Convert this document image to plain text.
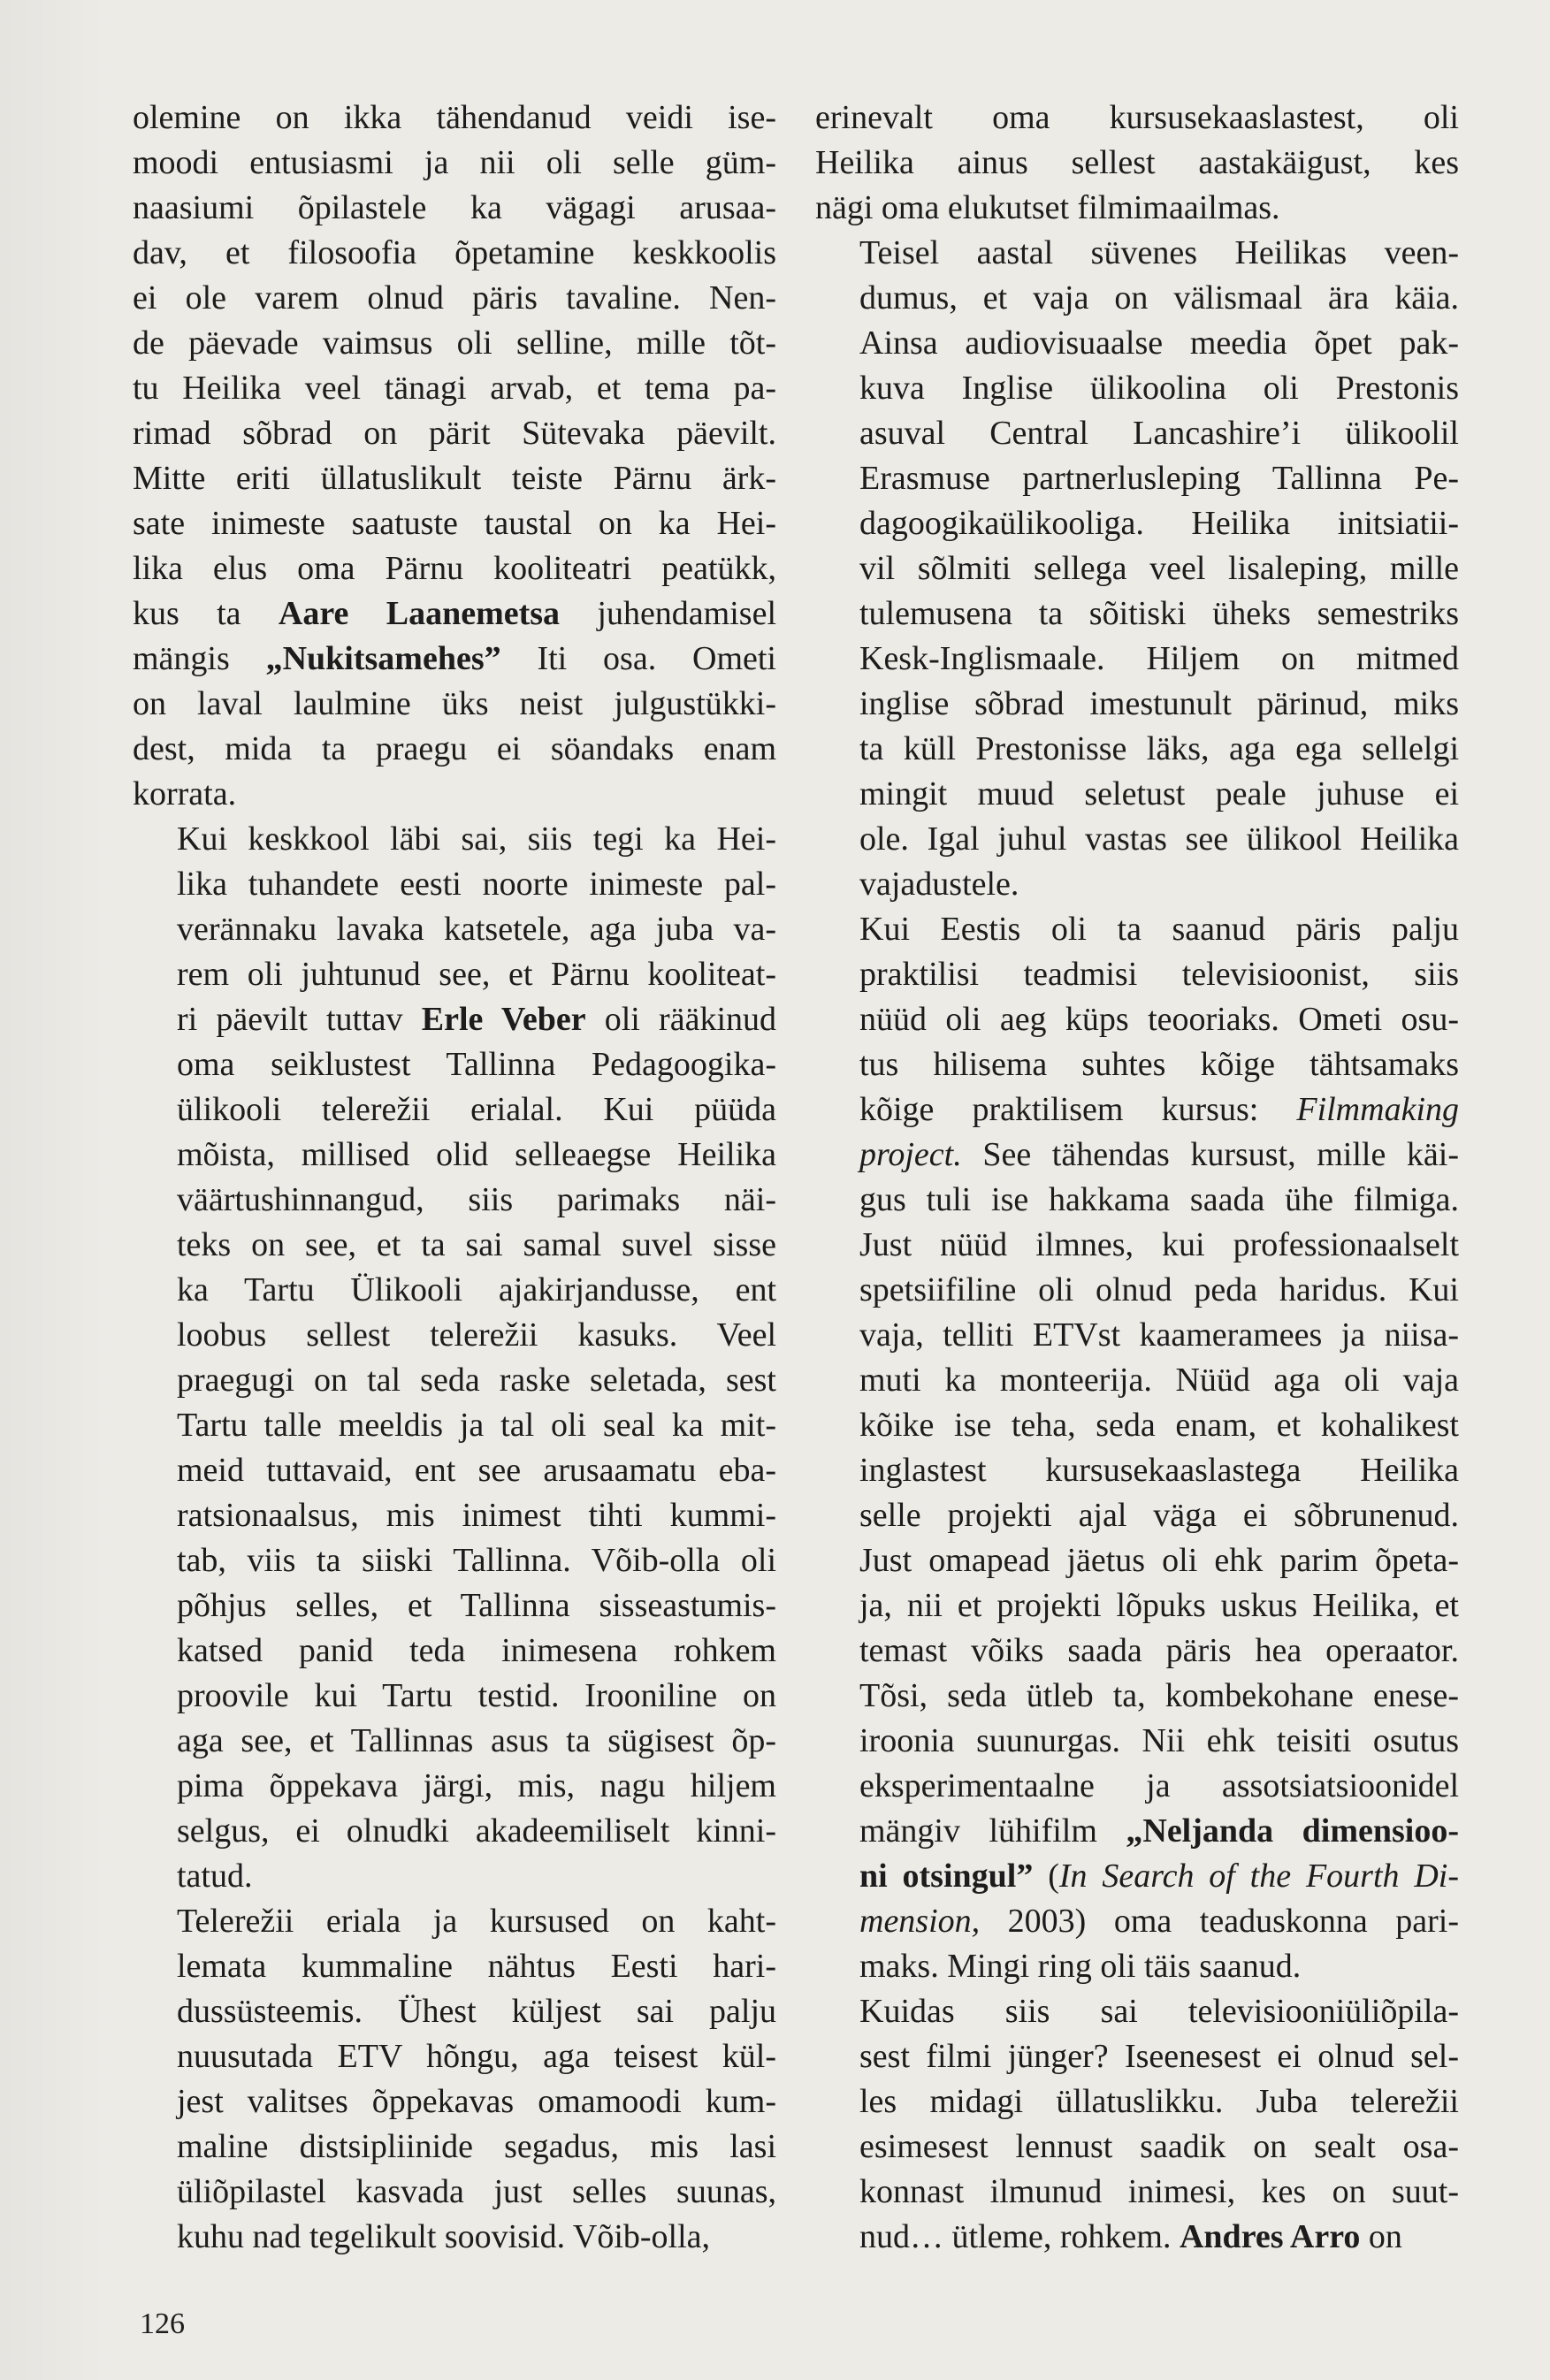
olemine on ikka tähendanud veidi ise-
moodi entusiasmi ja nii oli selle güm-
naasiumi õpilastele ka vägagi arusaa-
dav, et filosoofia õpetamine keskkoolis
ei ole varem olnud päris tavaline. Nen-
de päevade vaimsus oli selline, mille tõt-
tu Heilika veel tänagi arvab, et tema pa-
rimad sõbrad on pärit Sütevaka päevilt.
Mitte eriti üllatuslikult teiste Pärnu ärk-
sate inimeste saatuste taustal on ka Hei-
lika elus oma Pärnu kooliteatri peatükk,
kus ta Aare Laanemetsa juhendamisel
mängis „Nukitsamehes” Iti osa. Ometi
on laval laulmine üks neist julgustükki-
dest, mida ta praegu ei söandaks enam
korrata.

Kui keskkool läbi sai, siis tegi ka Hei-
lika tuhandete eesti noorte inimeste pal-
verännaku lavaka katsetele, aga juba va-
rem oli juhtunud see, et Pärnu kooliteat-
ri päevilt tuttav Erle Veber oli rääkinud
oma seiklustest Tallinna Pedagoogika-
ülikooli telerežii erialal. Kui püüda
mõista, millised olid selleaegse Heilika
väärtushinnangud, siis parimaks näi-
teks on see, et ta sai samal suvel sisse
ka Tartu Ülikooli ajakirjandusse, ent
loobus sellest telerežii kasuks. Veel
praegugi on tal seda raske seletada, sest
Tartu talle meeldis ja tal oli seal ka mit-
meid tuttavaid, ent see arusaamatu eba-
ratsionaalsus, mis inimest tihti kummi-
tab, viis ta siiski Tallinna. Võib-olla oli
põhjus selles, et Tallinna sisseastumis-
katsed panid teda inimesena rohkem
proovile kui Tartu testid. Irooniline on
aga see, et Tallinnas asus ta sügisest õp-
pima õppekava järgi, mis, nagu hiljem
selgus, ei olnudki akadeemiliselt kinni-
tatud.

Telerežii eriala ja kursused on kaht-
lemata kummaline nähtus Eesti hari-
dussüsteemis. Ühest küljest sai palju
nuusutada ETV hõngu, aga teisest kül-
jest valitses õppekavas omamoodi kum-
maline distsipliinide segadus, mis lasi
üliõpilastel kasvada just selles suunas,
kuhu nad tegelikult soovisid. Võib-olla,

erinevalt oma kursusekaaslastest, oli
Heilika ainus sellest aastakäigust, kes
nägi oma elukutset filmimaailmas.

Teisel aastal süvenes Heilikas veen-
dumus, et vaja on välismaal ära käia.
Ainsa audiovisuaalse meedia õpet pak-
kuva Inglise ülikoolina oli Prestonis
asuval Central Lancashire’i ülikoolil
Erasmuse partnerlusleping Tallinna Pe-
dagoogikaülikooliga. Heilika initsiatii-
vil sõlmiti sellega veel lisaleping, mille
tulemusena ta sõitiski üheks semestriks
Kesk-Inglismaale. Hiljem on mitmed
inglise sõbrad imestunult pärinud, miks
ta küll Prestonisse läks, aga ega sellelgi
mingit muud seletust peale juhuse ei
ole. Igal juhul vastas see ülikool Heilika
vajadustele.

Kui Eestis oli ta saanud päris palju
praktilisi teadmisi televisioonist, siis
nüüd oli aeg küps teooriaks. Ometi osu-
tus hilisema suhtes kõige tähtsamaks
kõige praktilisem kursus: Filmmaking
project. See tähendas kursust, mille käi-
gus tuli ise hakkama saada ühe filmiga.
Just nüüd ilmnes, kui professionaalselt
spetsiifiline oli olnud peda haridus. Kui
vaja, telliti ETVst kaameramees ja niisa-
muti ka monteerija. Nüüd aga oli vaja
kõike ise teha, seda enam, et kohalikest
inglastest kursusekaaslastega Heilika
selle projekti ajal väga ei sõbrunenud.
Just omapead jäetus oli ehk parim õpeta-
ja, nii et projekti lõpuks uskus Heilika, et
temast võiks saada päris hea operaator.
Tõsi, seda ütleb ta, kombekohane enese-
iroonia suunurgas. Nii ehk teisiti osutus
eksperimentaalne ja assotsiatsioonidel
mängiv lühifilm „Neljanda dimensioo-
ni otsingul” (In Search of the Fourth Di-
mension, 2003) oma teaduskonna pari-
maks. Mingi ring oli täis saanud.

Kuidas siis sai televisiooniüliõpila-
sest filmi jünger? Iseenesest ei olnud sel-
les midagi üllatuslikku. Juba telerežii
esimesest lennust saadik on sealt osa-
konnast ilmunud inimesi, kes on suut-
nud… ütleme, rohkem. Andres Arro on

126
